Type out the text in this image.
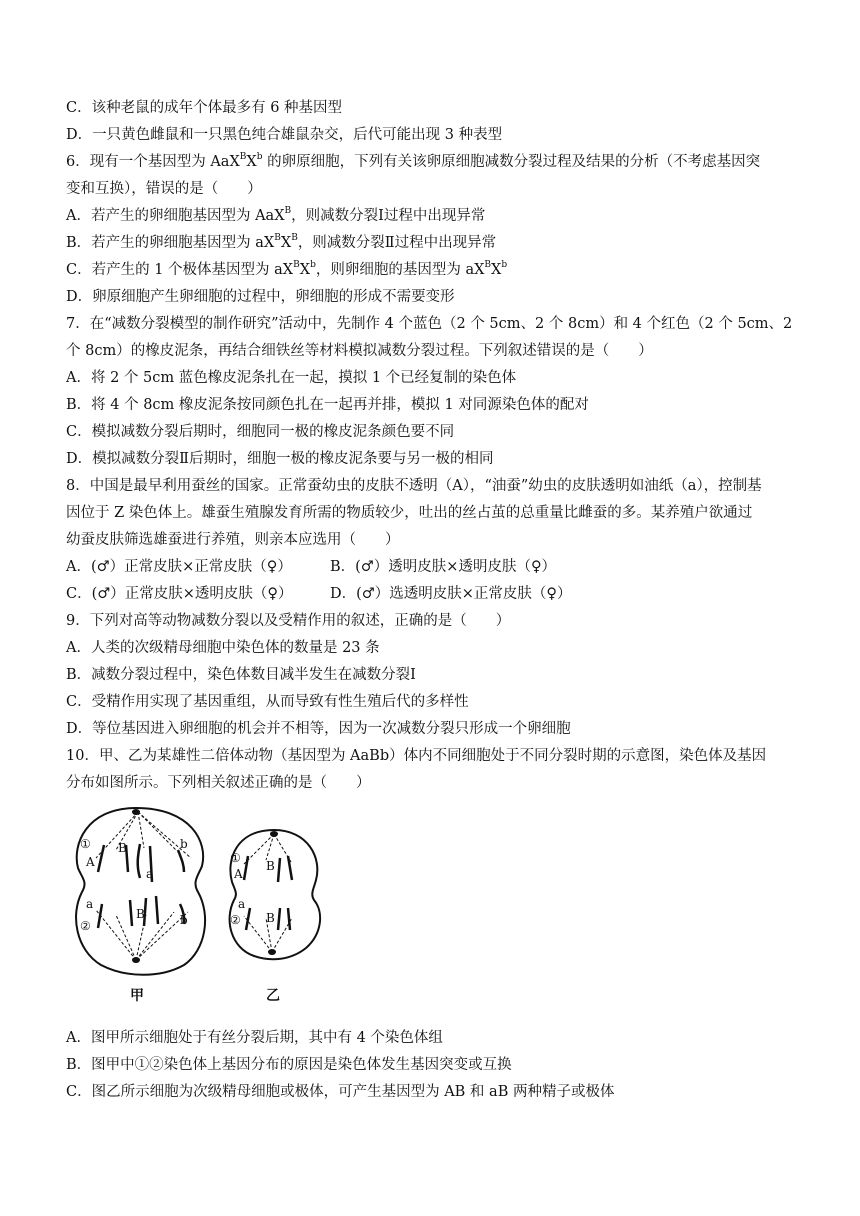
C．该种老鼠的成年个体最多有 6 种基因型
D．一只黄色雌鼠和一只黑色纯合雄鼠杂交，后代可能出现 3 种表型
6．现有一个基因型为 $AaX^BX^b$ 的卵原细胞，下列有关该卵原细胞减数分裂过程及结果的分析（不考虑基因突
变和互换），错误的是（　　）
A．若产生的卵细胞基因型为 AaX$^B$，则减数分裂Ⅰ过程中出现异常
B．若产生的卵细胞基因型为 $aX^BX^B$，则减数分裂Ⅱ过程中出现异常
C．若产生的 1 个极体基因型为 $aX^BX^b$，则卵细胞的基因型为 $aX^BX^b$
D．卵原细胞产生卵细胞的过程中，卵细胞的形成不需要变形
7．在“减数分裂模型的制作研究”活动中，先制作 4 个蓝色（2 个 5cm、2 个 8cm）和 4 个红色（2 个 5cm、2
个 8cm）的橡皮泥条，再结合细铁丝等材料模拟减数分裂过程。下列叙述错误的是（　　）
A．将 2 个 5cm 蓝色橡皮泥条扎在一起，摸拟 1 个已经复制的染色体
B．将 4 个 8cm 橡皮泥条按同颜色扎在一起再并排，模拟 1 对同源染色体的配对
C．模拟减数分裂后期时，细胞同一极的橡皮泥条颜色要不同
D．模拟减数分裂Ⅱ后期时，细胞一极的橡皮泥条要与另一极的相同
8．中国是最早利用蚕丝的国家。正常蚕幼虫的皮肤不透明（A），“油蚕”幼虫的皮肤透明如油纸（a），控制基
因位于 Z 染色体上。雄蚕生殖腺发育所需的物质较少，吐出的丝占茧的总重量比雌蚕的多。某养殖户欲通过
幼蚕皮肤筛选雄蚕进行养殖，则亲本应选用（　　）
A．(♂）正常皮肤×正常皮肤（♀）	B．(♂）透明皮肤×透明皮肤（♀）
C．(♂）正常皮肤×透明皮肤（♀）	D．(♂）选透明皮肤×正常皮肤（♀）
9．下列对高等动物减数分裂以及受精作用的叙述，正确的是（　　）
A．人类的次级精母细胞中染色体的数量是 23 条
B．减数分裂过程中，染色体数目减半发生在减数分裂Ⅰ
C．受精作用实现了基因重组，从而导致有性生殖后代的多样性
D．等位基因进入卵细胞的机会并不相等，因为一次减数分裂只形成一个卵细胞
10．甲、乙为某雄性二倍体动物（基因型为 AaBb）体内不同细胞处于不同分裂时期的示意图，染色体及基因
分布如图所示。下列相关叙述正确的是（　　）
①
②
A
B
a
b
a
B	b
甲
①
②
A
B
a
B
乙
A．图甲所示细胞处于有丝分裂后期，其中有 4 个染色体组
B．图甲中①②染色体上基因分布的原因是染色体发生基因突变或互换
C．图乙所示细胞为次级精母细胞或极体，可产生基因型为 AB 和 aB 两种精子或极体
